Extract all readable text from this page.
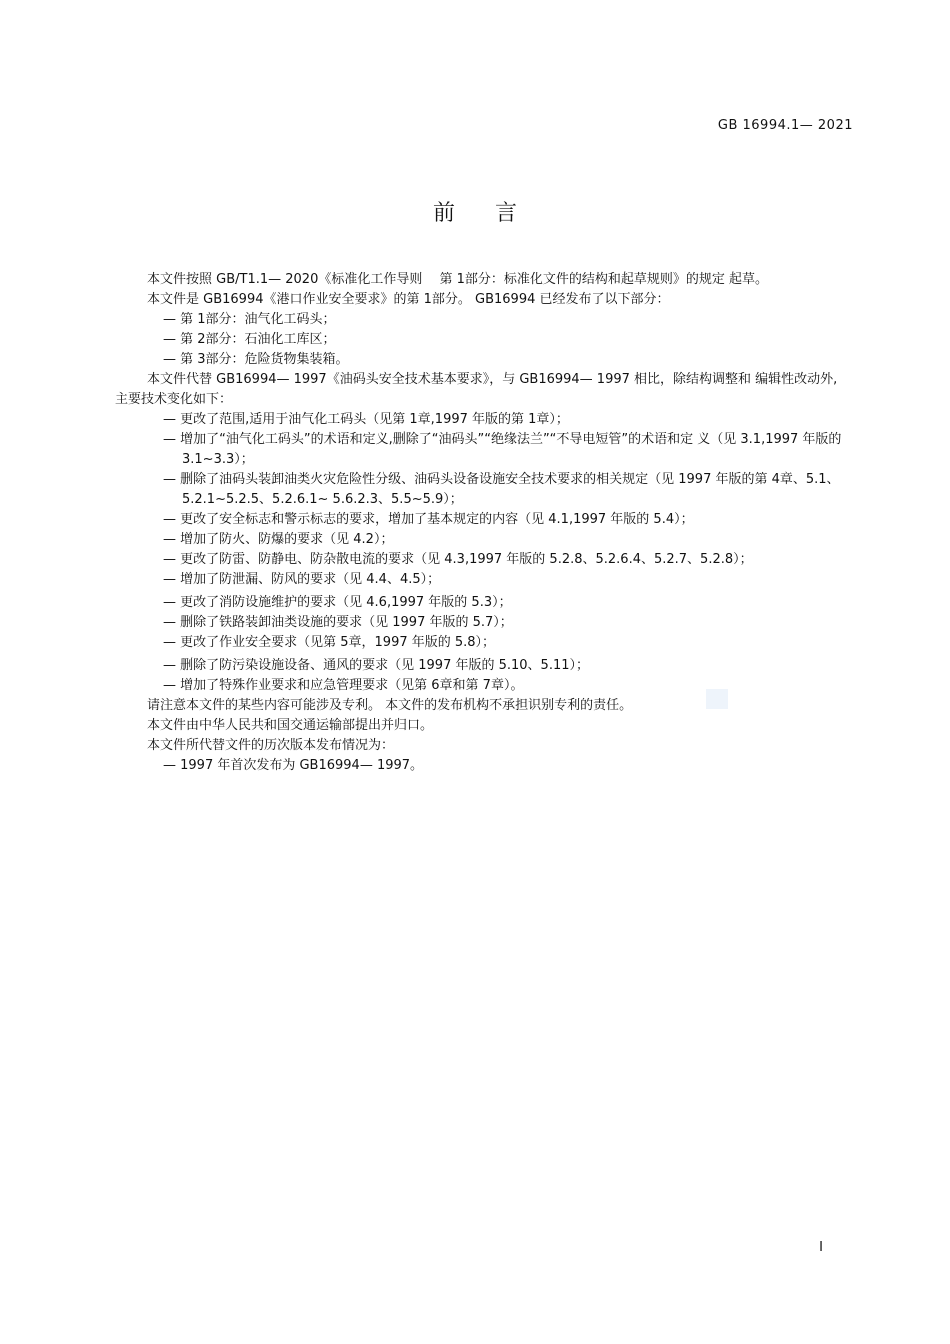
GB 16994.1— 2021
前言

本文件按照 GB/T1.1— 2020《标准化工作导则　 第 1部分：标准化文件的结构和起草规则》的规定 起草。

本文件是 GB16994《港口作业安全要求》的第 1部分。 GB16994 已经发布了以下部分：

— 第 1部分：油气化工码头；

— 第 2部分：石油化工库区；

— 第 3部分：危险货物集装箱。

本文件代替 GB16994— 1997《油码头安全技术基本要求》，与 GB16994— 1997 相比，除结构调整和 编辑性改动外,主要技术变化如下：

— 更改了范围,适用于油气化工码头（见第 1章,1997 年版的第 1章）；

— 增加了“油气化工码头”的术语和定义,删除了“油码头”“绝缘法兰”“不导电短管”的术语和定 义（见 3.1,1997 年版的 3.1~3.3）；

— 删除了油码头装卸油类火灾危险性分级、油码头设备设施安全技术要求的相关规定（见 1997 年版的第 4章、5.1、5.2.1~5.2.5、5.2.6.1~ 5.6.2.3、5.5~5.9）；

— 更改了安全标志和警示标志的要求，增加了基本规定的内容（见 4.1,1997 年版的 5.4）；

— 增加了防火、防爆的要求（见 4.2）；

— 更改了防雷、防静电、防杂散电流的要求（见 4.3,1997 年版的 5.2.8、5.2.6.4、5.2.7、5.2.8）；

— 增加了防泄漏、防风的要求（见 4.4、4.5）；

— 更改了消防设施维护的要求（见 4.6,1997 年版的 5.3）；

— 删除了铁路装卸油类设施的要求（见 1997 年版的 5.7）；

— 更改了作业安全要求（见第 5章，1997 年版的 5.8）；

— 删除了防污染设施设备、通风的要求（见 1997 年版的 5.10、5.11）；

— 增加了特殊作业要求和应急管理要求（见第 6章和第 7章）。

请注意本文件的某些内容可能涉及专利。 本文件的发布机构不承担识别专利的责任。

本文件由中华人民共和国交通运输部提出并归口。

本文件所代替文件的历次版本发布情况为：

— 1997 年首次发布为 GB16994— 1997。

I
